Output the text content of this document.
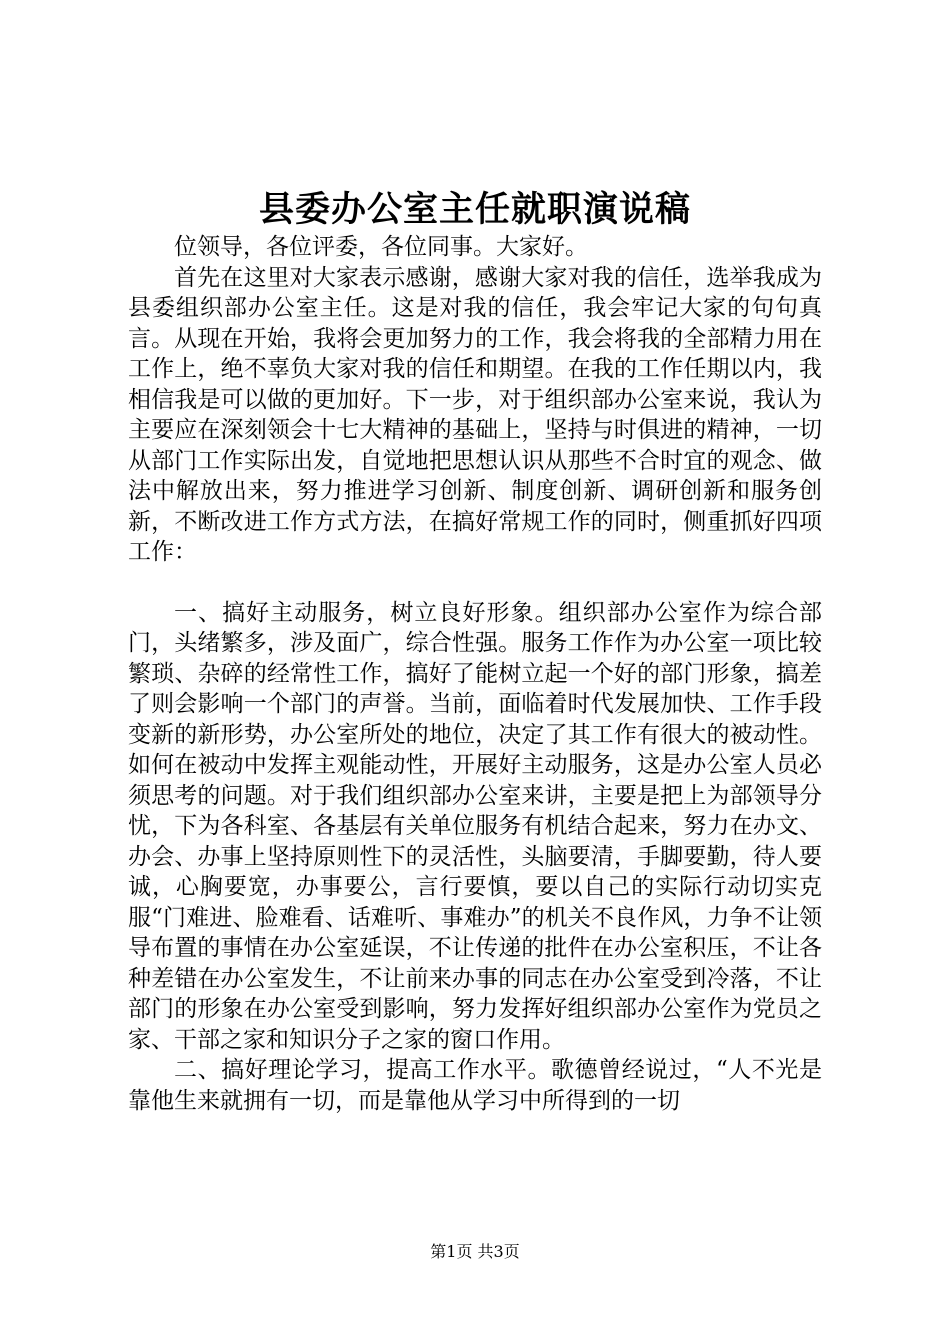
县委办公室主任就职演说稿

位领导，各位评委，各位同事。大家好。

首先在这里对大家表示感谢，感谢大家对我的信任，选举我成为县委组织部办公室主任。这是对我的信任，我会牢记大家的句句真言。从现在开始，我将会更加努力的工作，我会将我的全部精力用在工作上，绝不辜负大家对我的信任和期望。在我的工作任期以内，我相信我是可以做的更加好。下一步，对于组织部办公室来说，我认为主要应在深刻领会十七大精神的基础上，坚持与时俱进的精神，一切从部门工作实际出发，自觉地把思想认识从那些不合时宜的观念、做法中解放出来，努力推进学习创新、制度创新、调研创新和服务创新，不断改进工作方式方法，在搞好常规工作的同时，侧重抓好四项工作：

一、搞好主动服务，树立良好形象。组织部办公室作为综合部门，头绪繁多，涉及面广，综合性强。服务工作作为办公室一项比较繁琐、杂碎的经常性工作，搞好了能树立起一个好的部门形象，搞差了则会影响一个部门的声誉。当前，面临着时代发展加快、工作手段变新的新形势，办公室所处的地位，决定了其工作有很大的被动性。如何在被动中发挥主观能动性，开展好主动服务，这是办公室人员必须思考的问题。对于我们组织部办公室来讲，主要是把上为部领导分忧，下为各科室、各基层有关单位服务有机结合起来，努力在办文、办会、办事上坚持原则性下的灵活性，头脑要清，手脚要勤，待人要诚，心胸要宽，办事要公，言行要慎，要以自己的实际行动切实克服“门难进、脸难看、话难听、事难办”的机关不良作风，力争不让领导布置的事情在办公室延误，不让传递的批件在办公室积压，不让各种差错在办公室发生，不让前来办事的同志在办公室受到冷落，不让部门的形象在办公室受到影响，努力发挥好组织部办公室作为党员之家、干部之家和知识分子之家的窗口作用。

二、搞好理论学习，提高工作水平。歌德曾经说过，“人不光是靠他生来就拥有一切，而是靠他从学习中所得到的一切

第1页 共3页
